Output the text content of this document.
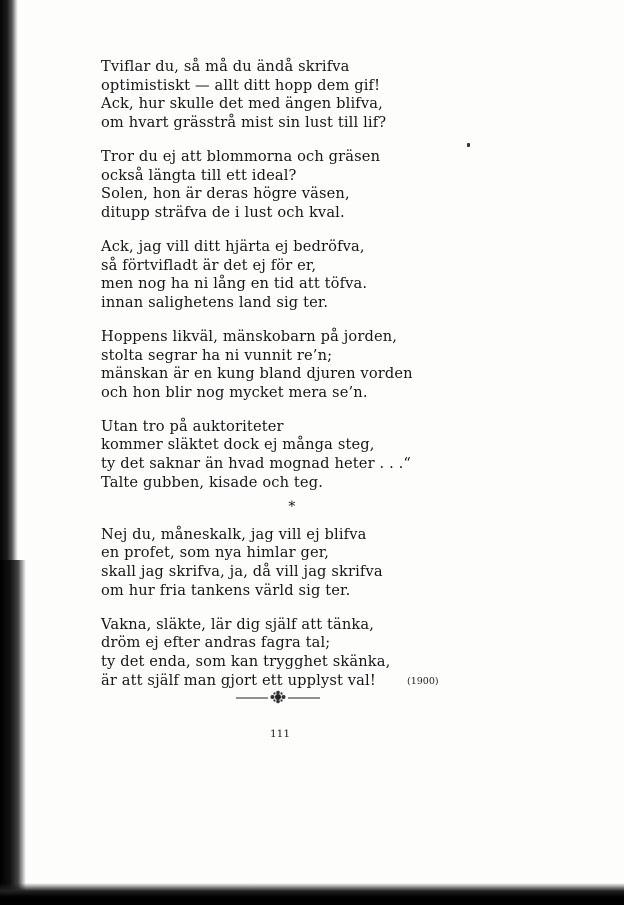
Tviflar du, så må du ändå skrifva
optimistiskt — allt ditt hopp dem gif!
Ack, hur skulle det med ängen blifva,
om hvart grässtrå mist sin lust till lif?
Tror du ej att blommorna och gräsen
också längta till ett ideal?
Solen, hon är deras högre väsen,
ditupp sträfva de i lust och kval.
Ack, jag vill ditt hjärta ej bedröfva,
så förtvifladt är det ej för er,
men nog ha ni lång en tid att töfva.
innan salighetens land sig ter.
Hoppens likväl, mänskobarn på jorden,
stolta segrar ha ni vunnit re’n;
mänskan är en kung bland djuren vorden
och hon blir nog mycket mera se’n.
Utan tro på auktoriteter
kommer släktet dock ej många steg,
ty det saknar än hvad mognad heter . . .“
Talte gubben, kisade och teg.
*
Nej du, måneskalk, jag vill ej blifva
en profet, som nya himlar ger,
skall jag skrifva, ja, då vill jag skrifva
om hur fria tankens värld sig ter.
Vakna, släkte, lär dig själf att tänka,
dröm ej efter andras fagra tal;
ty det enda, som kan trygghet skänka,
är att själf man gjort ett upplyst val!	(1900)
111
